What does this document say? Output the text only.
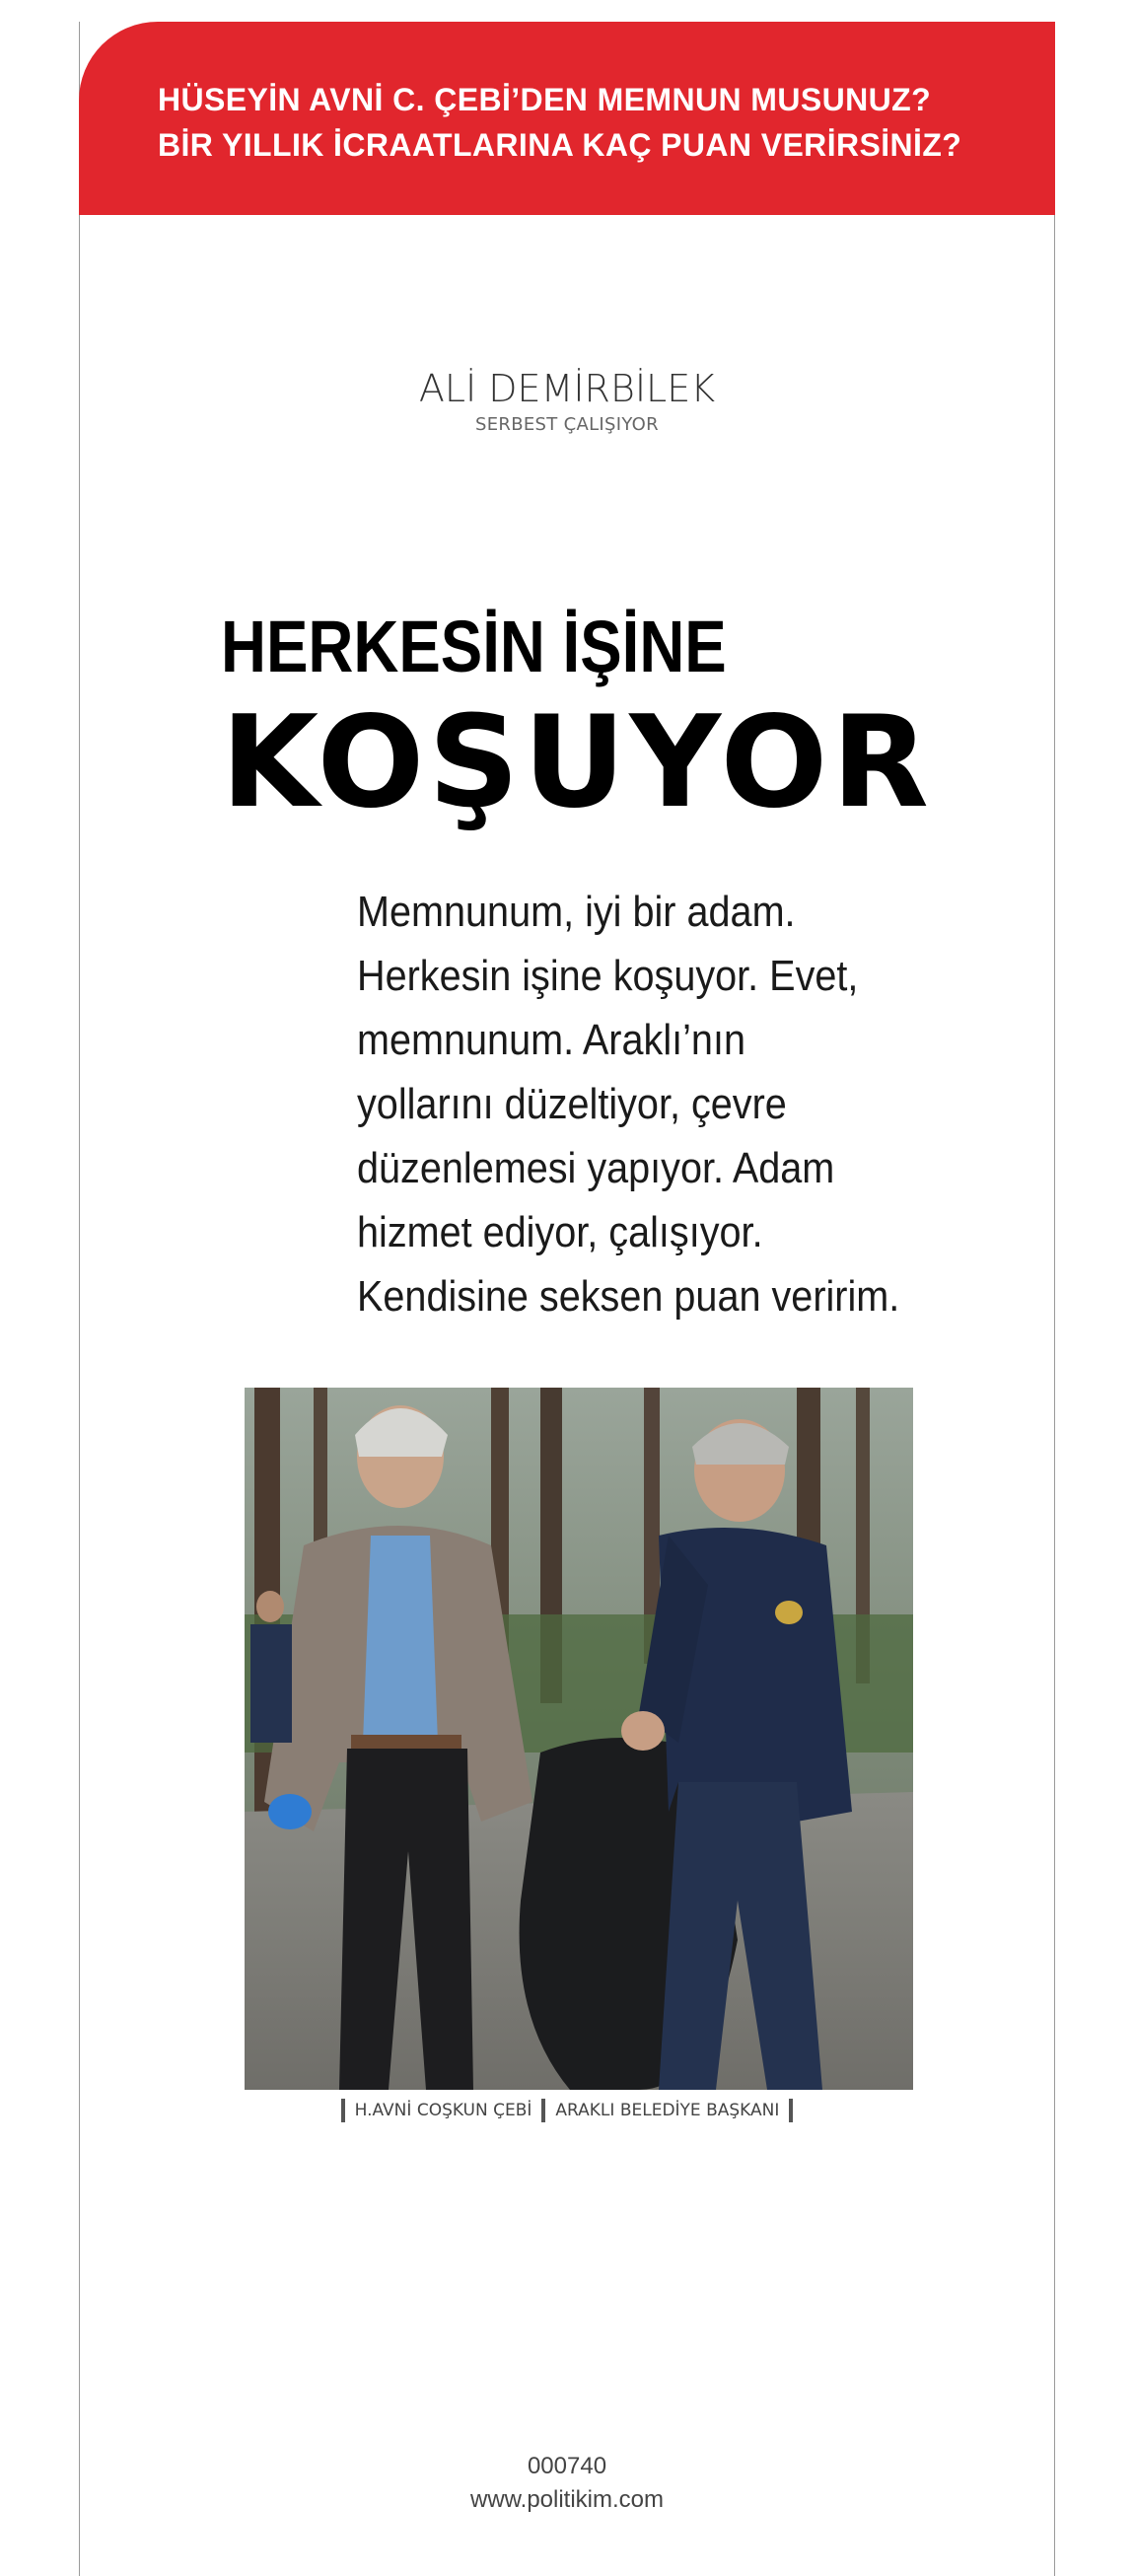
HÜSEYİN AVNİ C. ÇEBİ’DEN MEMNUN MUSUNUZ?
BİR YILLIK İCRAATLARINA KAÇ PUAN VERİRSİNİZ?
ALİ DEMİRBİLEK
SERBEST ÇALIŞIYOR
HERKESİN İŞİNE
KOŞUYOR
Memnunum, iyi bir adam.
Herkesin işine koşuyor. Evet,
memnunum. Araklı’nın
yollarını düzeltiyor, çevre
düzenlemesi yapıyor. Adam
hizmet ediyor, çalışıyor.
Kendisine seksen puan veririm.
H.AVNİ COŞKUN ÇEBİ ARAKLI BELEDİYE BAŞKANI
000740
www.politikim.com
